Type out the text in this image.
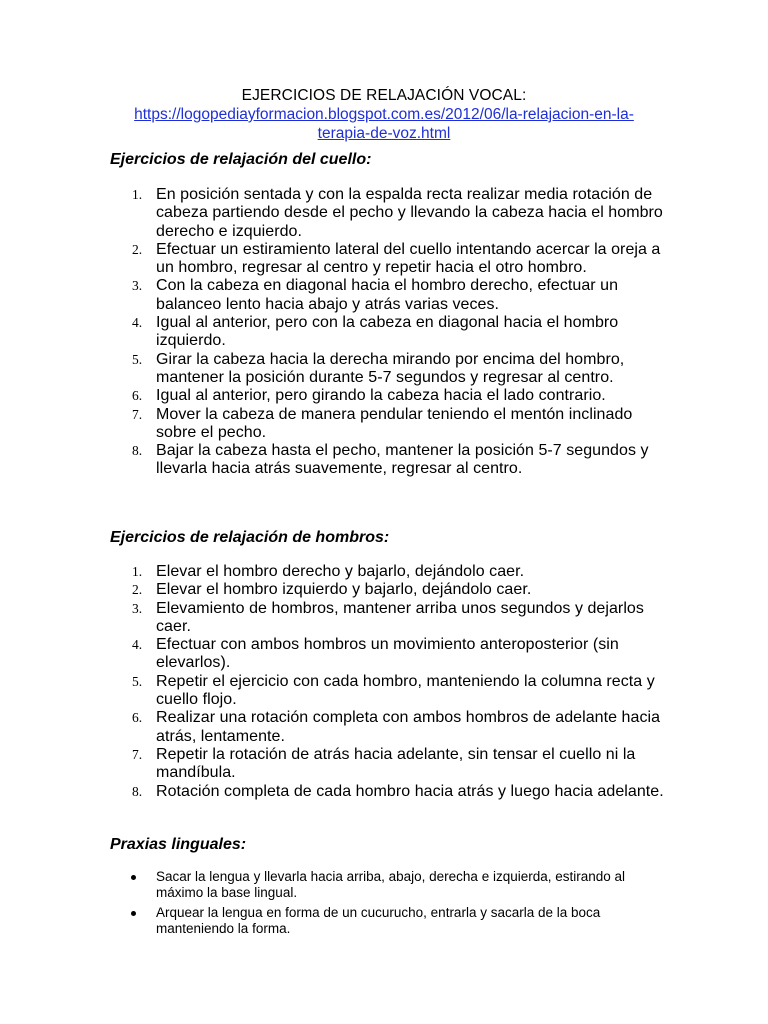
EJERCICIOS DE RELAJACIÓN VOCAL:
https://logopediayformacion.blogspot.com.es/2012/06/la-relajacion-en-la-terapia-de-voz.html
Ejercicios de relajación del cuello:
1. En posición sentada y con la espalda recta realizar media rotación de cabeza partiendo desde el pecho y llevando la cabeza hacia el hombro derecho e izquierdo.
2. Efectuar un estiramiento lateral del cuello intentando acercar la oreja a un hombro, regresar al centro y repetir hacia el otro hombro.
3. Con la cabeza en diagonal hacia el hombro derecho, efectuar un balanceo lento hacia abajo y atrás varias veces.
4. Igual al anterior, pero con la cabeza en diagonal hacia el hombro izquierdo.
5. Girar la cabeza hacia la derecha mirando por encima del hombro, mantener la posición durante 5-7 segundos y regresar al centro.
6. Igual al anterior, pero girando la cabeza hacia el lado contrario.
7. Mover la cabeza de manera pendular teniendo el mentón inclinado sobre el pecho.
8. Bajar la cabeza hasta el pecho, mantener la posición 5-7 segundos y llevarla hacia atrás suavemente, regresar al centro.
Ejercicios de relajación de hombros:
1. Elevar el hombro derecho y bajarlo, dejándolo caer.
2. Elevar el hombro izquierdo y bajarlo, dejándolo caer.
3. Elevamiento de hombros, mantener arriba unos segundos y dejarlos caer.
4. Efectuar con ambos hombros un movimiento anteroposterior (sin elevarlos).
5. Repetir el ejercicio con cada hombro, manteniendo la columna recta y cuello flojo.
6. Realizar una rotación completa con ambos hombros de adelante hacia atrás, lentamente.
7. Repetir la rotación de atrás hacia adelante, sin tensar el cuello ni la mandíbula.
8. Rotación completa de cada hombro hacia atrás y luego hacia adelante.
Praxias linguales:
Sacar la lengua y llevarla hacia arriba, abajo, derecha e izquierda, estirando al máximo la base lingual.
Arquear la lengua en forma de un cucurucho, entrarla y sacarla de la boca manteniendo la forma.
